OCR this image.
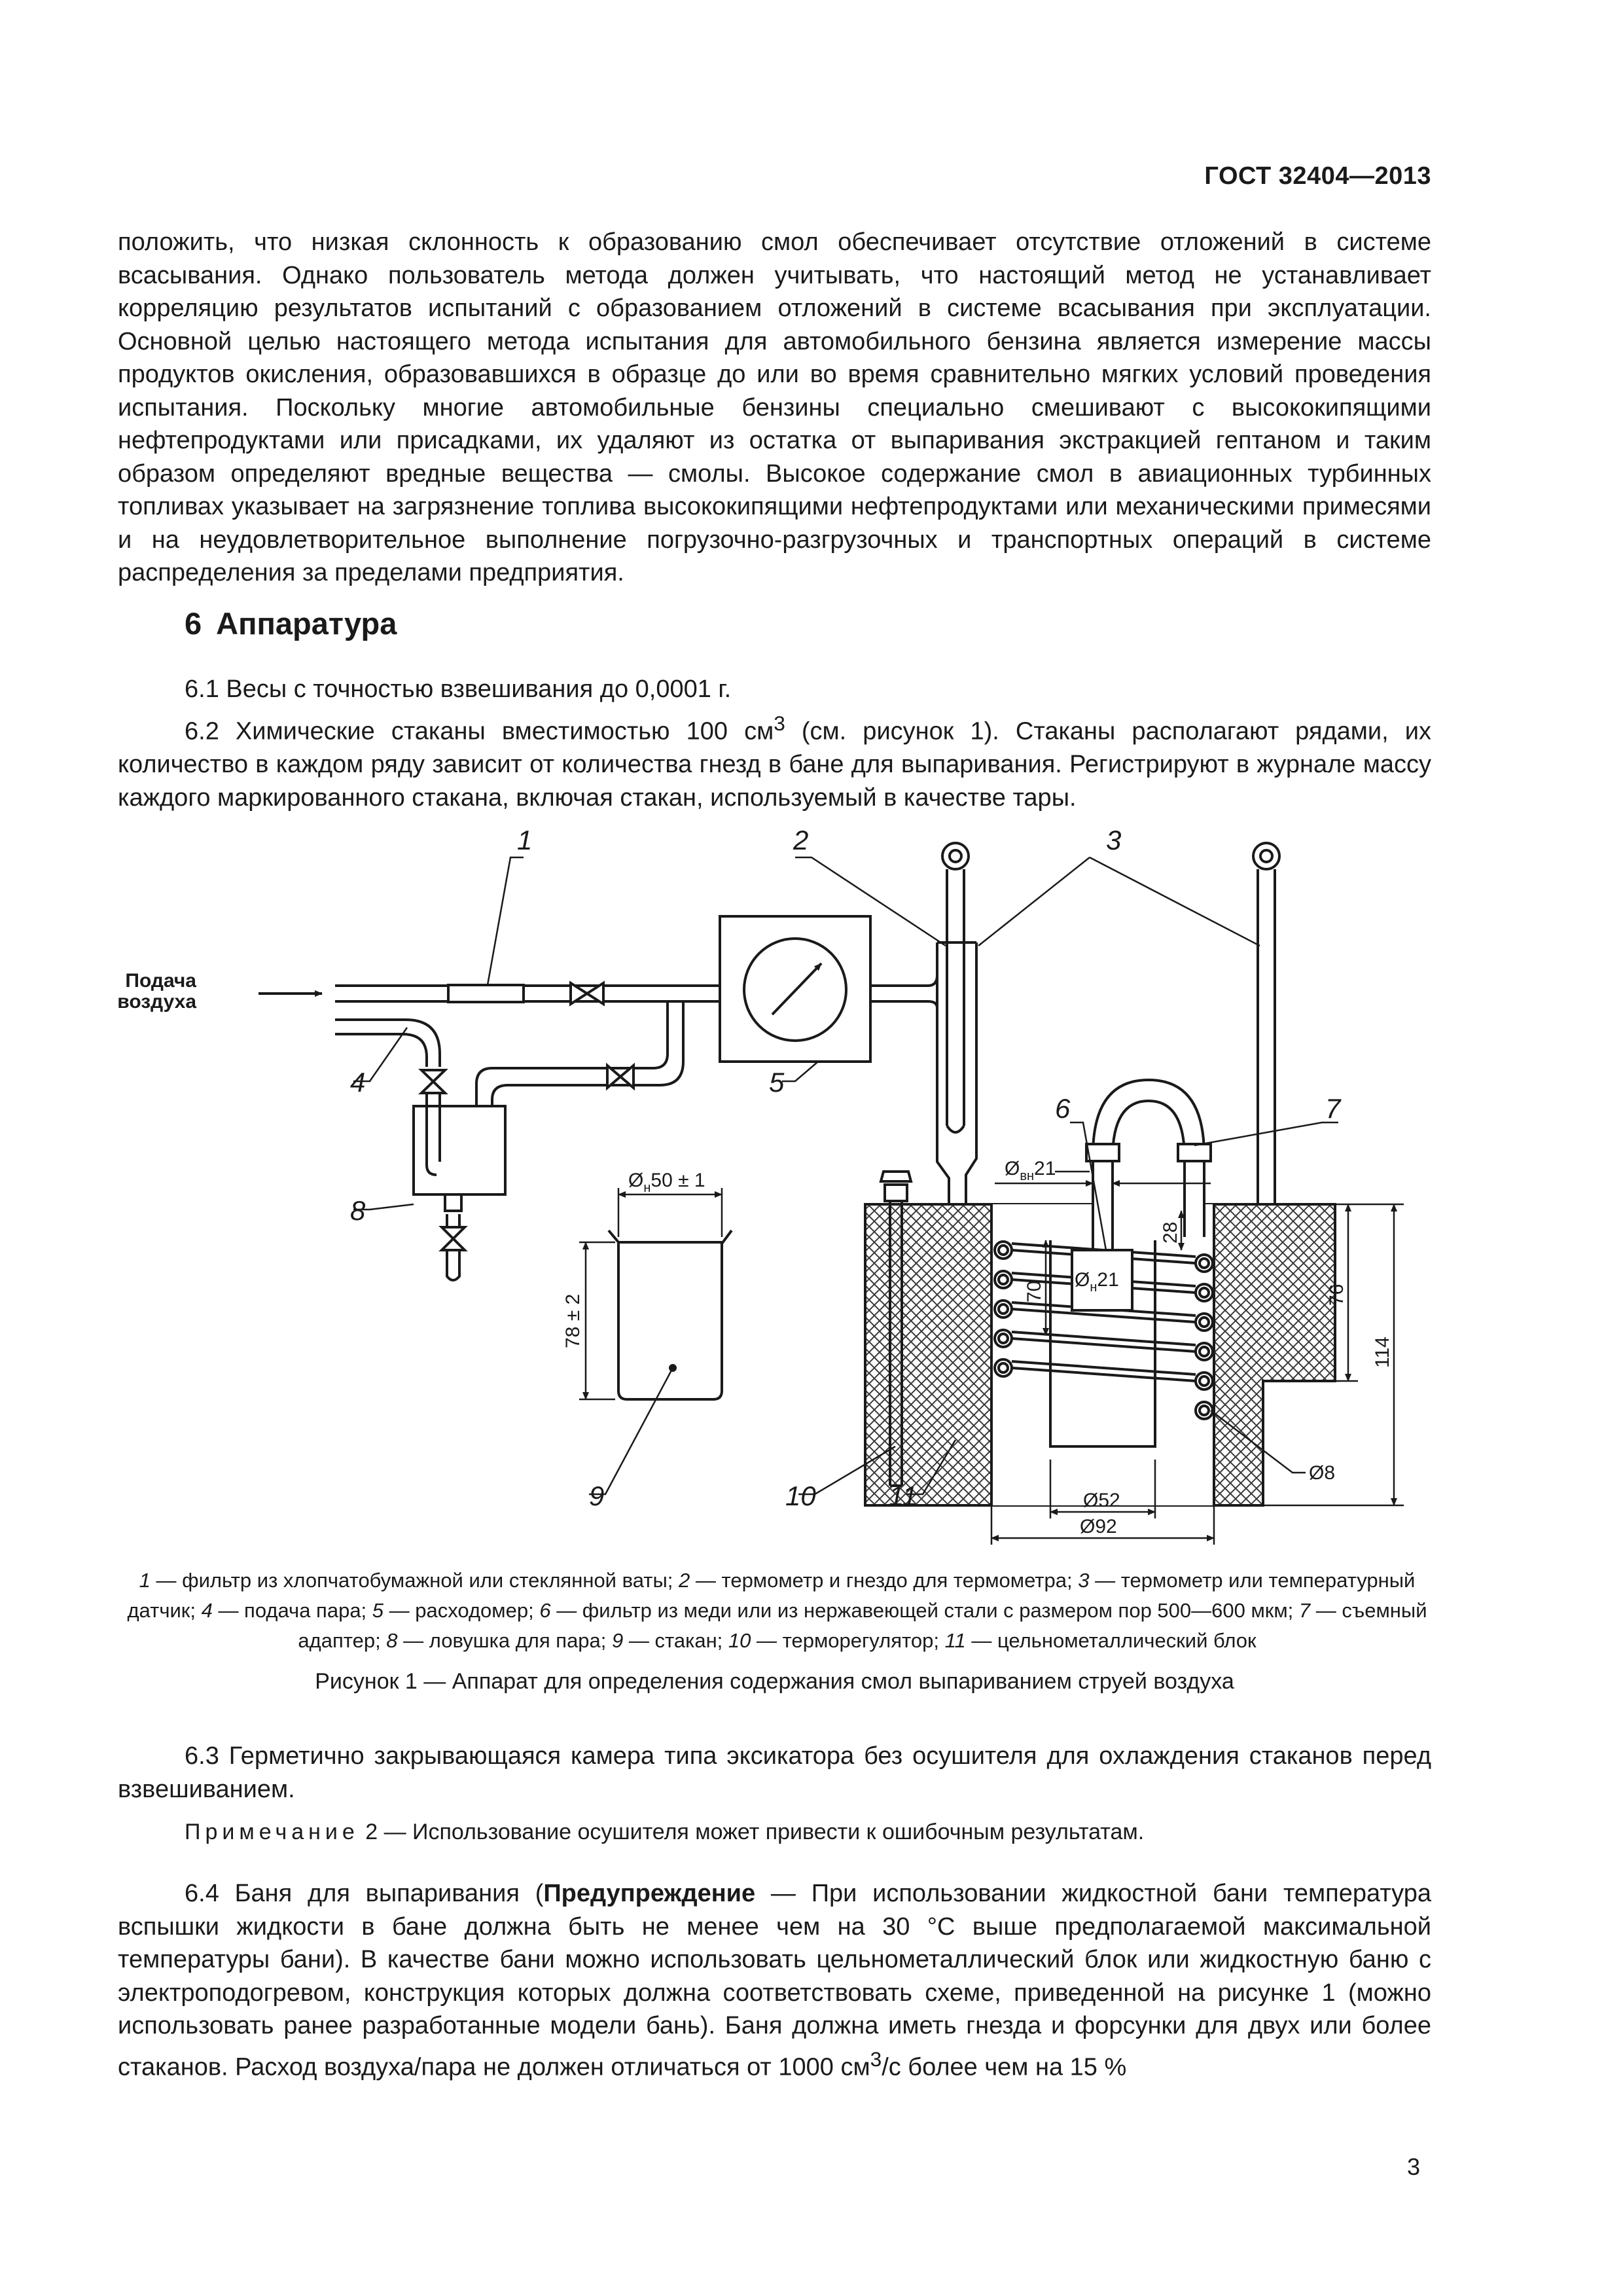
ГОСТ 32404—2013

положить, что низкая склонность к образованию смол обеспечивает отсутствие отложений в системе всасывания. Однако пользователь метода должен учитывать, что настоящий метод не устанавливает корреляцию результатов испытаний с образованием отложений в системе всасывания при эксплуатации. Основной целью настоящего метода испытания для автомобильного бензина является измерение массы продуктов окисления, образовавшихся в образце до или во время сравнительно мягких условий проведения испытания. Поскольку многие автомобильные бензины специально смешивают с высококипящими нефтепродуктами или присадками, их удаляют из остатка от выпаривания экстракцией гептаном и таким образом определяют вредные вещества — смолы. Высокое содержание смол в авиационных турбинных топливах указывает на загрязнение топлива высококипящими нефтепродуктами или механическими примесями и на неудовлетворительное выполнение погрузочно-разгрузочных и транспортных операций в системе распределения за пределами предприятия.

6 Аппаратура

6.1 Весы с точностью взвешивания до 0,0001 г.

6.2 Химические стаканы вместимостью 100 $см^3$ (см. рисунок 1). Стаканы располагают рядами, их количество в каждом ряду зависит от количества гнезд в бане для выпаривания. Регистрируют в журнале массу каждого маркированного стакана, включая стакан, используемый в качестве тары.

1	2	3
4	5
6	7
8
9	10	11
Подача
воздуха
$Ø_н50 \pm 1$
78 ± 2
$Ø_{вн}21$
$Ø_н21$
28
70	76
114
Ø52
Ø92
Ø8

1 — фильтр из хлопчатобумажной или стеклянной ваты; 2 — термометр и гнездо для термометра; 3 — термометр или температурный датчик; 4 — подача пара; 5 — расходомер; 6 — фильтр из меди или из нержавеющей стали с размером пор 500—600 мкм; 7 — съемный адаптер; 8 — ловушка для пара; 9 — стакан; 10 — терморегулятор; 11 — цельнометаллический блок

Рисунок 1 — Аппарат для определения содержания смол выпариванием струей воздуха

6.3 Герметично закрывающаяся камера типа эксикатора без осушителя для охлаждения стаканов перед взвешиванием.

Примечание 2 — Использование осушителя может привести к ошибочным результатам.

6.4 Баня для выпаривания (Предупреждение — При использовании жидкостной бани температура вспышки жидкости в бане должна быть не менее чем на 30 °С выше предполагаемой максимальной температуры бани). В качестве бани можно использовать цельнометаллический блок или жидкостную баню с электроподогревом, конструкция которых должна соответствовать схеме, приведенной на рисунке 1 (можно использовать ранее разработанные модели бань). Баня должна иметь гнезда и форсунки для двух или более стаканов. Расход воздуха/пара не должен отличаться от 1000 $см^3/с$ более чем на 15 %

3
